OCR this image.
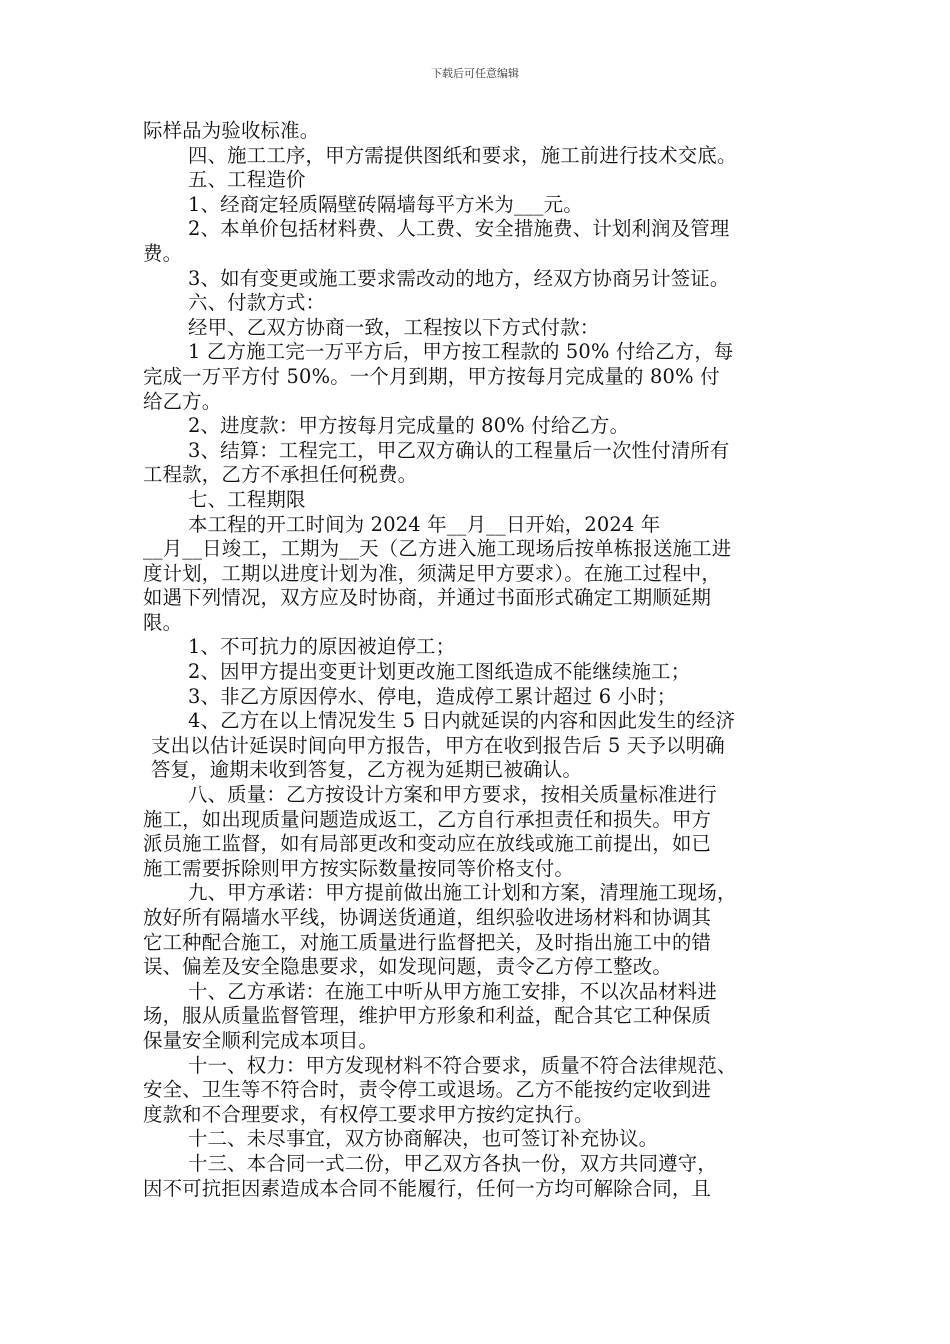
下载后可任意编辑
际样品为验收标准。
四、施工工序，甲方需提供图纸和要求，施工前进行技术交底。
五、工程造价
1、经商定轻质隔壁砖隔墙每平方米为___元。
2、本单价包括材料费、人工费、安全措施费、计划利润及管理
费。
3、如有变更或施工要求需改动的地方，经双方协商另计签证。
六、付款方式：
经甲、乙双方协商一致，工程按以下方式付款：
1 乙方施工完一万平方后，甲方按工程款的 50% 付给乙方，每
完成一万平方付 50%。一个月到期，甲方按每月完成量的 80% 付
给乙方。
2、进度款：甲方按每月完成量的 80% 付给乙方。
3、结算：工程完工，甲乙双方确认的工程量后一次性付清所有
工程款，乙方不承担任何税费。
七、工程期限
本工程的开工时间为 2024 年__月__日开始，2024 年
__月__日竣工，工期为__天（乙方进入施工现场后按单栋报送施工进
度计划，工期以进度计划为准，须满足甲方要求）。在施工过程中，
如遇下列情况，双方应及时协商，并通过书面形式确定工期顺延期
限。
1、不可抗力的原因被迫停工；
2、因甲方提出变更计划更改施工图纸造成不能继续施工；
3、非乙方原因停水、停电，造成停工累计超过 6 小时；
4、乙方在以上情况发生 5 日内就延误的内容和因此发生的经济
支出以估计延误时间向甲方报告，甲方在收到报告后 5 天予以明确
答复，逾期未收到答复，乙方视为延期已被确认。
八、质量：乙方按设计方案和甲方要求，按相关质量标准进行
施工，如出现质量问题造成返工，乙方自行承担责任和损失。甲方
派员施工监督，如有局部更改和变动应在放线或施工前提出，如已
施工需要拆除则甲方按实际数量按同等价格支付。
九、甲方承诺：甲方提前做出施工计划和方案，清理施工现场，
放好所有隔墙水平线，协调送货通道，组织验收进场材料和协调其
它工种配合施工，对施工质量进行监督把关，及时指出施工中的错
误、偏差及安全隐患要求，如发现问题，责令乙方停工整改。
十、乙方承诺：在施工中听从甲方施工安排，不以次品材料进
场，服从质量监督管理，维护甲方形象和利益，配合其它工种保质
保量安全顺利完成本项目。
十一、权力：甲方发现材料不符合要求，质量不符合法律规范、
安全、卫生等不符合时，责令停工或退场。乙方不能按约定收到进
度款和不合理要求，有权停工要求甲方按约定执行。
十二、未尽事宜，双方协商解决，也可签订补充协议。
十三、本合同一式二份，甲乙双方各执一份，双方共同遵守，
因不可抗拒因素造成本合同不能履行，任何一方均可解除合同，且
